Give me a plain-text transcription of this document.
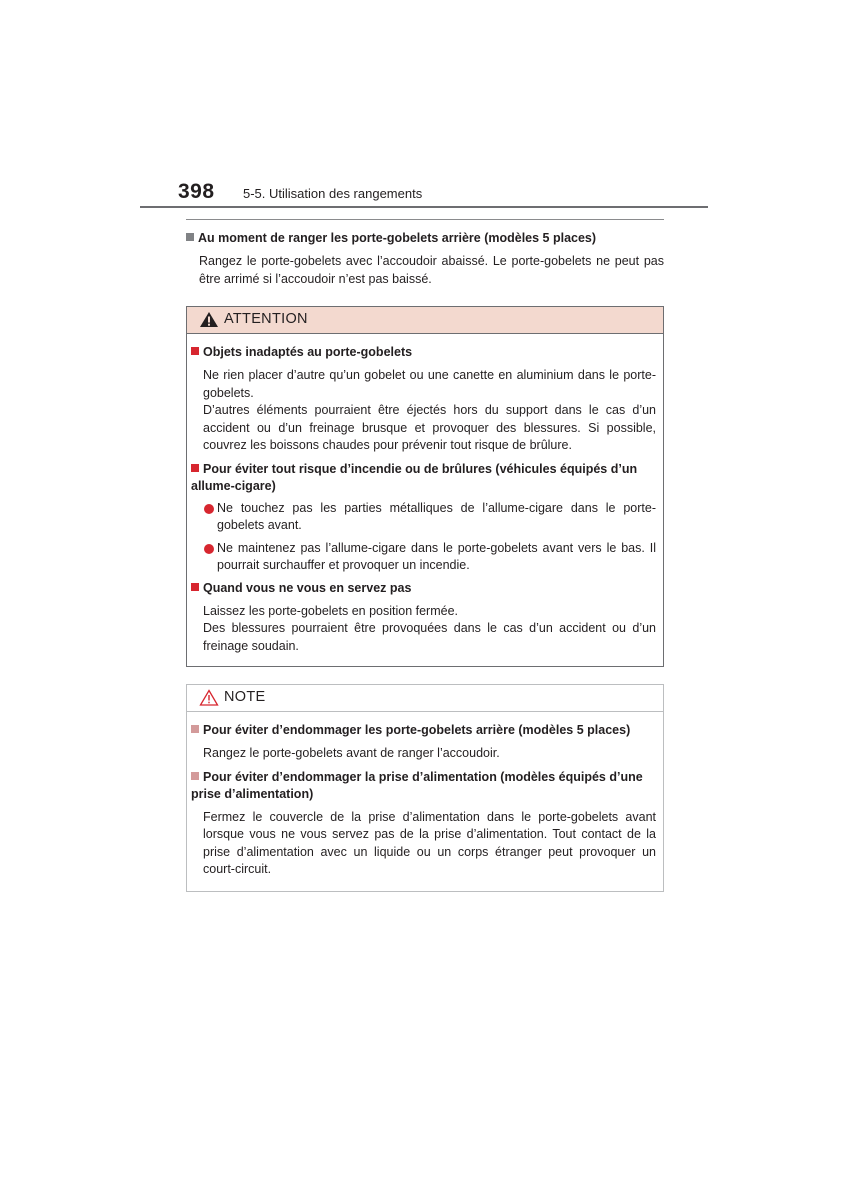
398 5-5. Utilisation des rangements
Au moment de ranger les porte-gobelets arrière (modèles 5 places)
Rangez le porte-gobelets avec l’accoudoir abaissé. Le porte-gobelets ne peut pas être arrimé si l’accoudoir n’est pas baissé.
ATTENTION
Objets inadaptés au porte-gobelets
Ne rien placer d’autre qu’un gobelet ou une canette en aluminium dans le porte-gobelets.
D’autres éléments pourraient être éjectés hors du support dans le cas d’un accident ou d’un freinage brusque et provoquer des blessures. Si possible, couvrez les boissons chaudes pour prévenir tout risque de brûlure.
Pour éviter tout risque d’incendie ou de brûlures (véhicules équipés d’un allume-cigare)
Ne touchez pas les parties métalliques de l’allume-cigare dans le porte-gobelets avant.
Ne maintenez pas l’allume-cigare dans le porte-gobelets avant vers le bas. Il pourrait surchauffer et provoquer un incendie.
Quand vous ne vous en servez pas
Laissez les porte-gobelets en position fermée.
Des blessures pourraient être provoquées dans le cas d’un accident ou d’un freinage soudain.
NOTE
Pour éviter d’endommager les porte-gobelets arrière (modèles 5 places)
Rangez le porte-gobelets avant de ranger l’accoudoir.
Pour éviter d’endommager la prise d’alimentation (modèles équipés d’une prise d’alimentation)
Fermez le couvercle de la prise d’alimentation dans le porte-gobelets avant lorsque vous ne vous servez pas de la prise d’alimentation. Tout contact de la prise d’alimentation avec un liquide ou un corps étranger peut provoquer un court-circuit.
